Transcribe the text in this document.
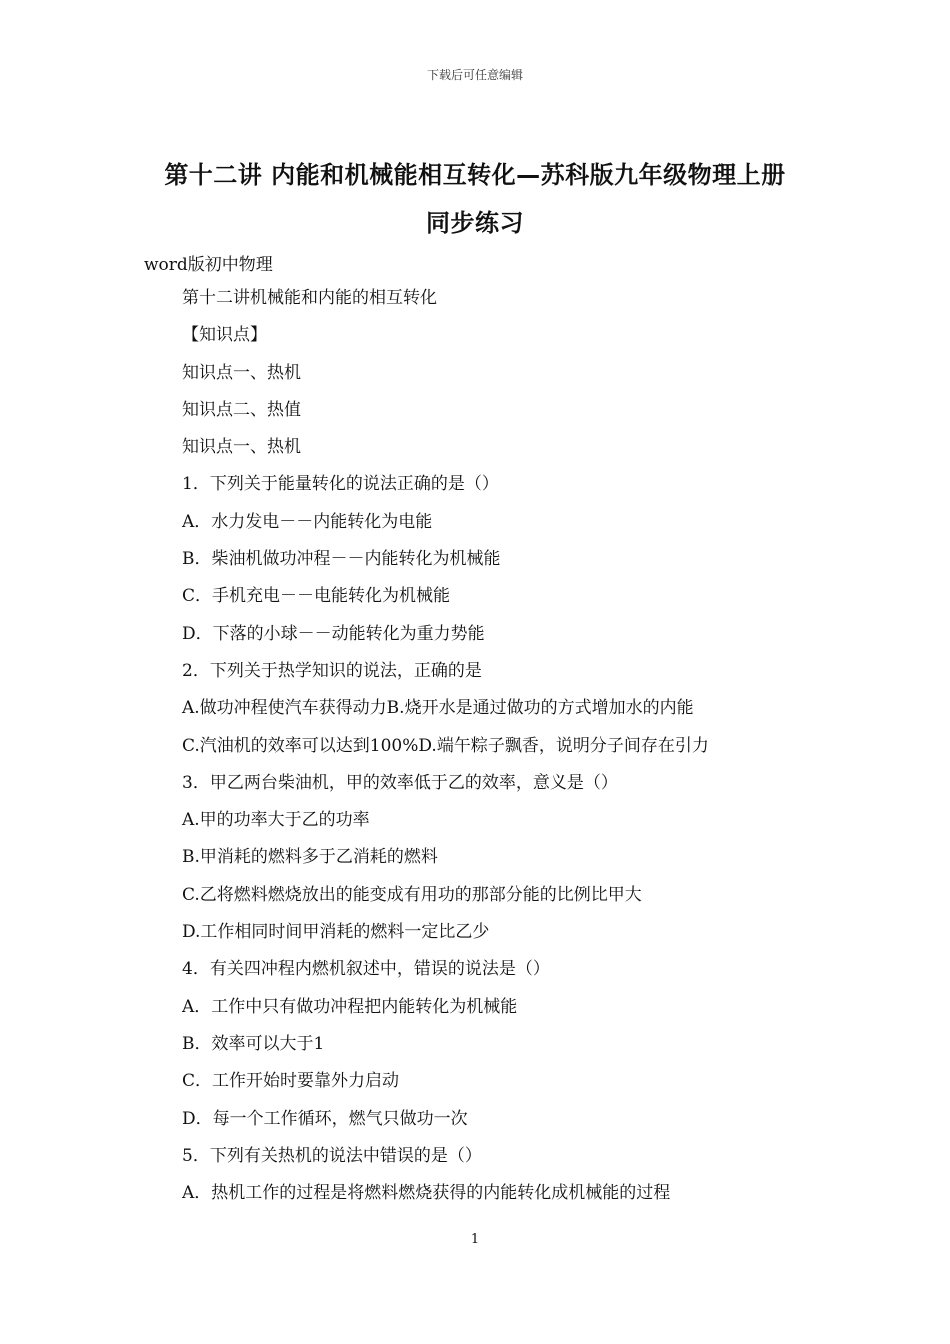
下载后可任意编辑
第十二讲 内能和机械能相互转化—苏科版九年级物理上册
同步练习
word版初中物理
第十二讲机械能和内能的相互转化
【知识点】
知识点一、热机
知识点二、热值
知识点一、热机
1．下列关于能量转化的说法正确的是（）
A．水力发电－－内能转化为电能
B．柴油机做功冲程－－内能转化为机械能
C．手机充电－－电能转化为机械能
D．下落的小球－－动能转化为重力势能
2．下列关于热学知识的说法，正确的是
A.做功冲程使汽车获得动力B.烧开水是通过做功的方式增加水的内能
C.汽油机的效率可以达到100%D.端午粽子飘香，说明分子间存在引力
3．甲乙两台柴油机，甲的效率低于乙的效率，意义是（）
A.甲的功率大于乙的功率
B.甲消耗的燃料多于乙消耗的燃料
C.乙将燃料燃烧放出的能变成有用功的那部分能的比例比甲大
D.工作相同时间甲消耗的燃料一定比乙少
4．有关四冲程内燃机叙述中，错误的说法是（）
A．工作中只有做功冲程把内能转化为机械能
B．效率可以大于1
C．工作开始时要靠外力启动
D．每一个工作循环，燃气只做功一次
5．下列有关热机的说法中错误的是（）
A．热机工作的过程是将燃料燃烧获得的内能转化成机械能的过程
1
